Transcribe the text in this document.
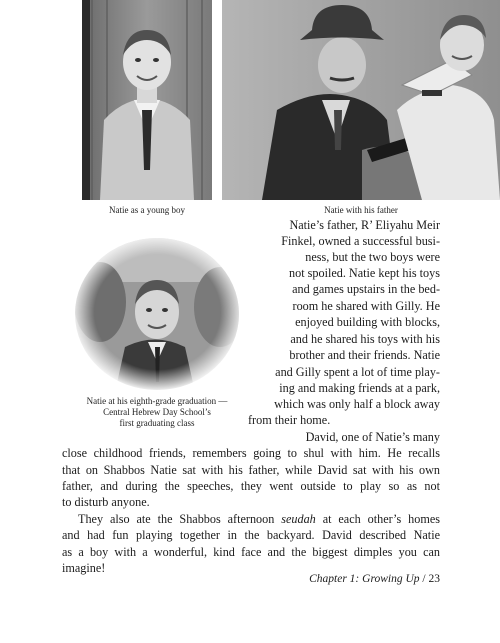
Natie as a young boy	Natie with his father
Natie at his eighth-grade graduation —
Central Hebrew Day School’s
first graduating class
Natie’s father, R’ Eliyahu Meir
Finkel, owned a successful busi-
ness, but the two boys were
not spoiled. Natie kept his toys
and games upstairs in the bed-
room he shared with Gilly. He
enjoyed building with blocks,
and he shared his toys with his
brother and their friends. Natie
and Gilly spent a lot of time play-
ing and making friends at a park,
which was only half a block away
from their home.
David, one of Natie’s many
close childhood friends, remembers going to shul with him. He recalls
that on Shabbos Natie sat with his father, while David sat with his own
father, and during the speeches, they went outside to play so as not
to disturb anyone.
They also ate the Shabbos afternoon seudah at each other’s homes
and had fun playing together in the backyard. David described Natie
as a boy with a wonderful, kind face and the biggest dimples you can
imagine!
Chapter 1: Growing Up / 23
